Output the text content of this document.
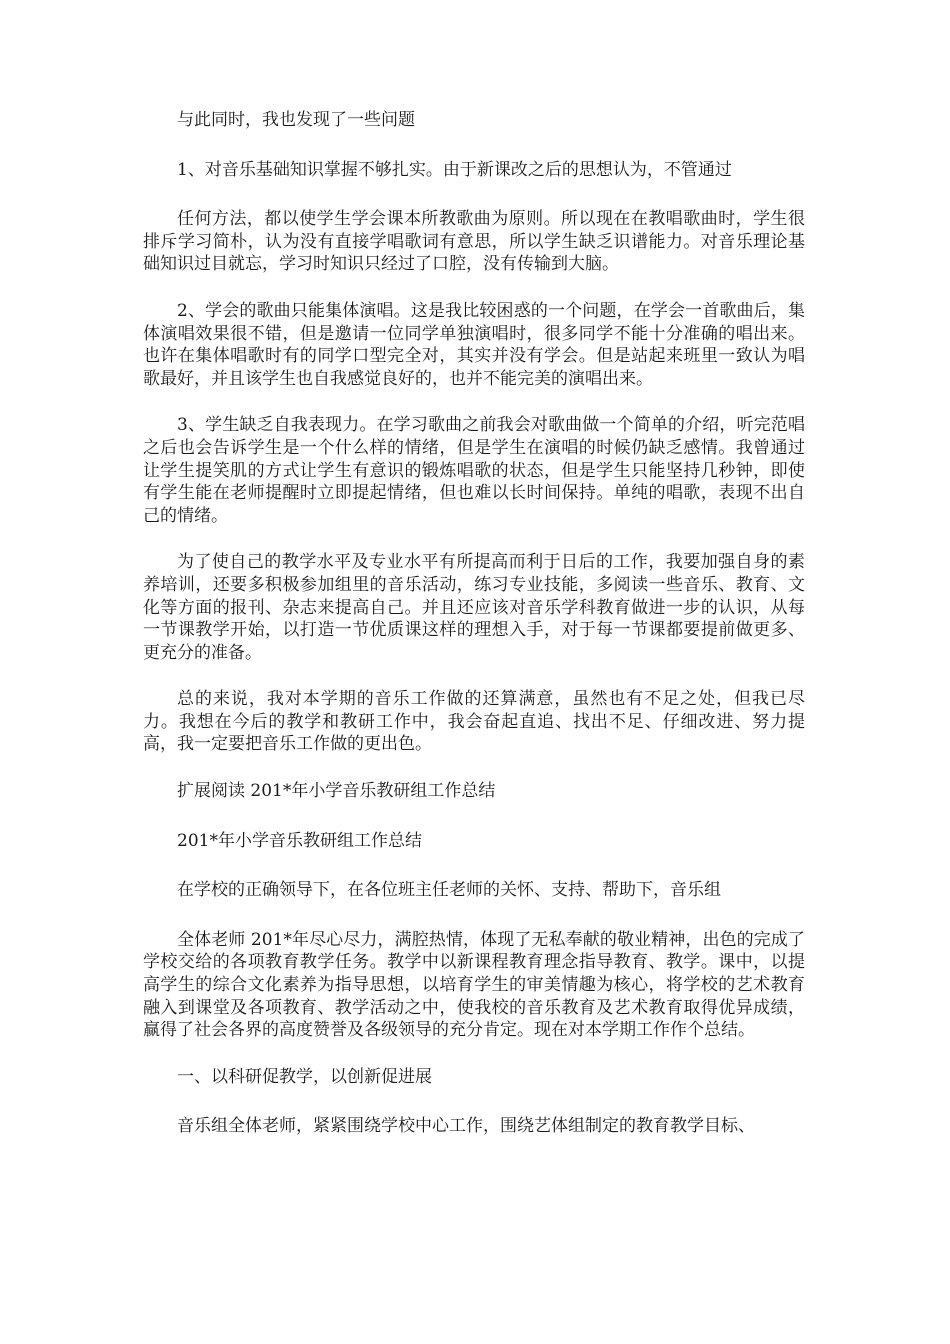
与此同时，我也发现了一些问题

1、对音乐基础知识掌握不够扎实。由于新课改之后的思想认为，不管通过

任何方法，都以使学生学会课本所教歌曲为原则。所以现在在教唱歌曲时，学生很排斥学习简朴，认为没有直接学唱歌词有意思，所以学生缺乏识谱能力。对音乐理论基础知识过目就忘，学习时知识只经过了口腔，没有传输到大脑。

2、学会的歌曲只能集体演唱。这是我比较困惑的一个问题，在学会一首歌曲后，集体演唱效果很不错，但是邀请一位同学单独演唱时，很多同学不能十分准确的唱出来。也许在集体唱歌时有的同学口型完全对，其实并没有学会。但是站起来班里一致认为唱歌最好，并且该学生也自我感觉良好的，也并不能完美的演唱出来。

3、学生缺乏自我表现力。在学习歌曲之前我会对歌曲做一个简单的介绍，听完范唱之后也会告诉学生是一个什么样的情绪，但是学生在演唱的时候仍缺乏感情。我曾通过让学生提笑肌的方式让学生有意识的锻炼唱歌的状态，但是学生只能坚持几秒钟，即使有学生能在老师提醒时立即提起情绪，但也难以长时间保持。单纯的唱歌，表现不出自己的情绪。

为了使自己的教学水平及专业水平有所提高而利于日后的工作，我要加强自身的素养培训，还要多积极参加组里的音乐活动，练习专业技能，多阅读一些音乐、教育、文化等方面的报刊、杂志来提高自己。并且还应该对音乐学科教育做进一步的认识，从每一节课教学开始，以打造一节优质课这样的理想入手，对于每一节课都要提前做更多、更充分的准备。

总的来说，我对本学期的音乐工作做的还算满意，虽然也有不足之处，但我已尽力。我想在今后的教学和教研工作中，我会奋起直追、找出不足、仔细改进、努力提高，我一定要把音乐工作做的更出色。

扩展阅读 201*年小学音乐教研组工作总结

201*年小学音乐教研组工作总结

在学校的正确领导下，在各位班主任老师的关怀、支持、帮助下，音乐组

全体老师 201*年尽心尽力，满腔热情，体现了无私奉献的敬业精神，出色的完成了学校交给的各项教育教学任务。教学中以新课程教育理念指导教育、教学。课中，以提高学生的综合文化素养为指导思想，以培育学生的审美情趣为核心，将学校的艺术教育融入到课堂及各项教育、教学活动之中，使我校的音乐教育及艺术教育取得优异成绩，赢得了社会各界的高度赞誉及各级领导的充分肯定。现在对本学期工作作个总结。

一、以科研促教学，以创新促进展

音乐组全体老师，紧紧围绕学校中心工作，围绕艺体组制定的教育教学目标、
